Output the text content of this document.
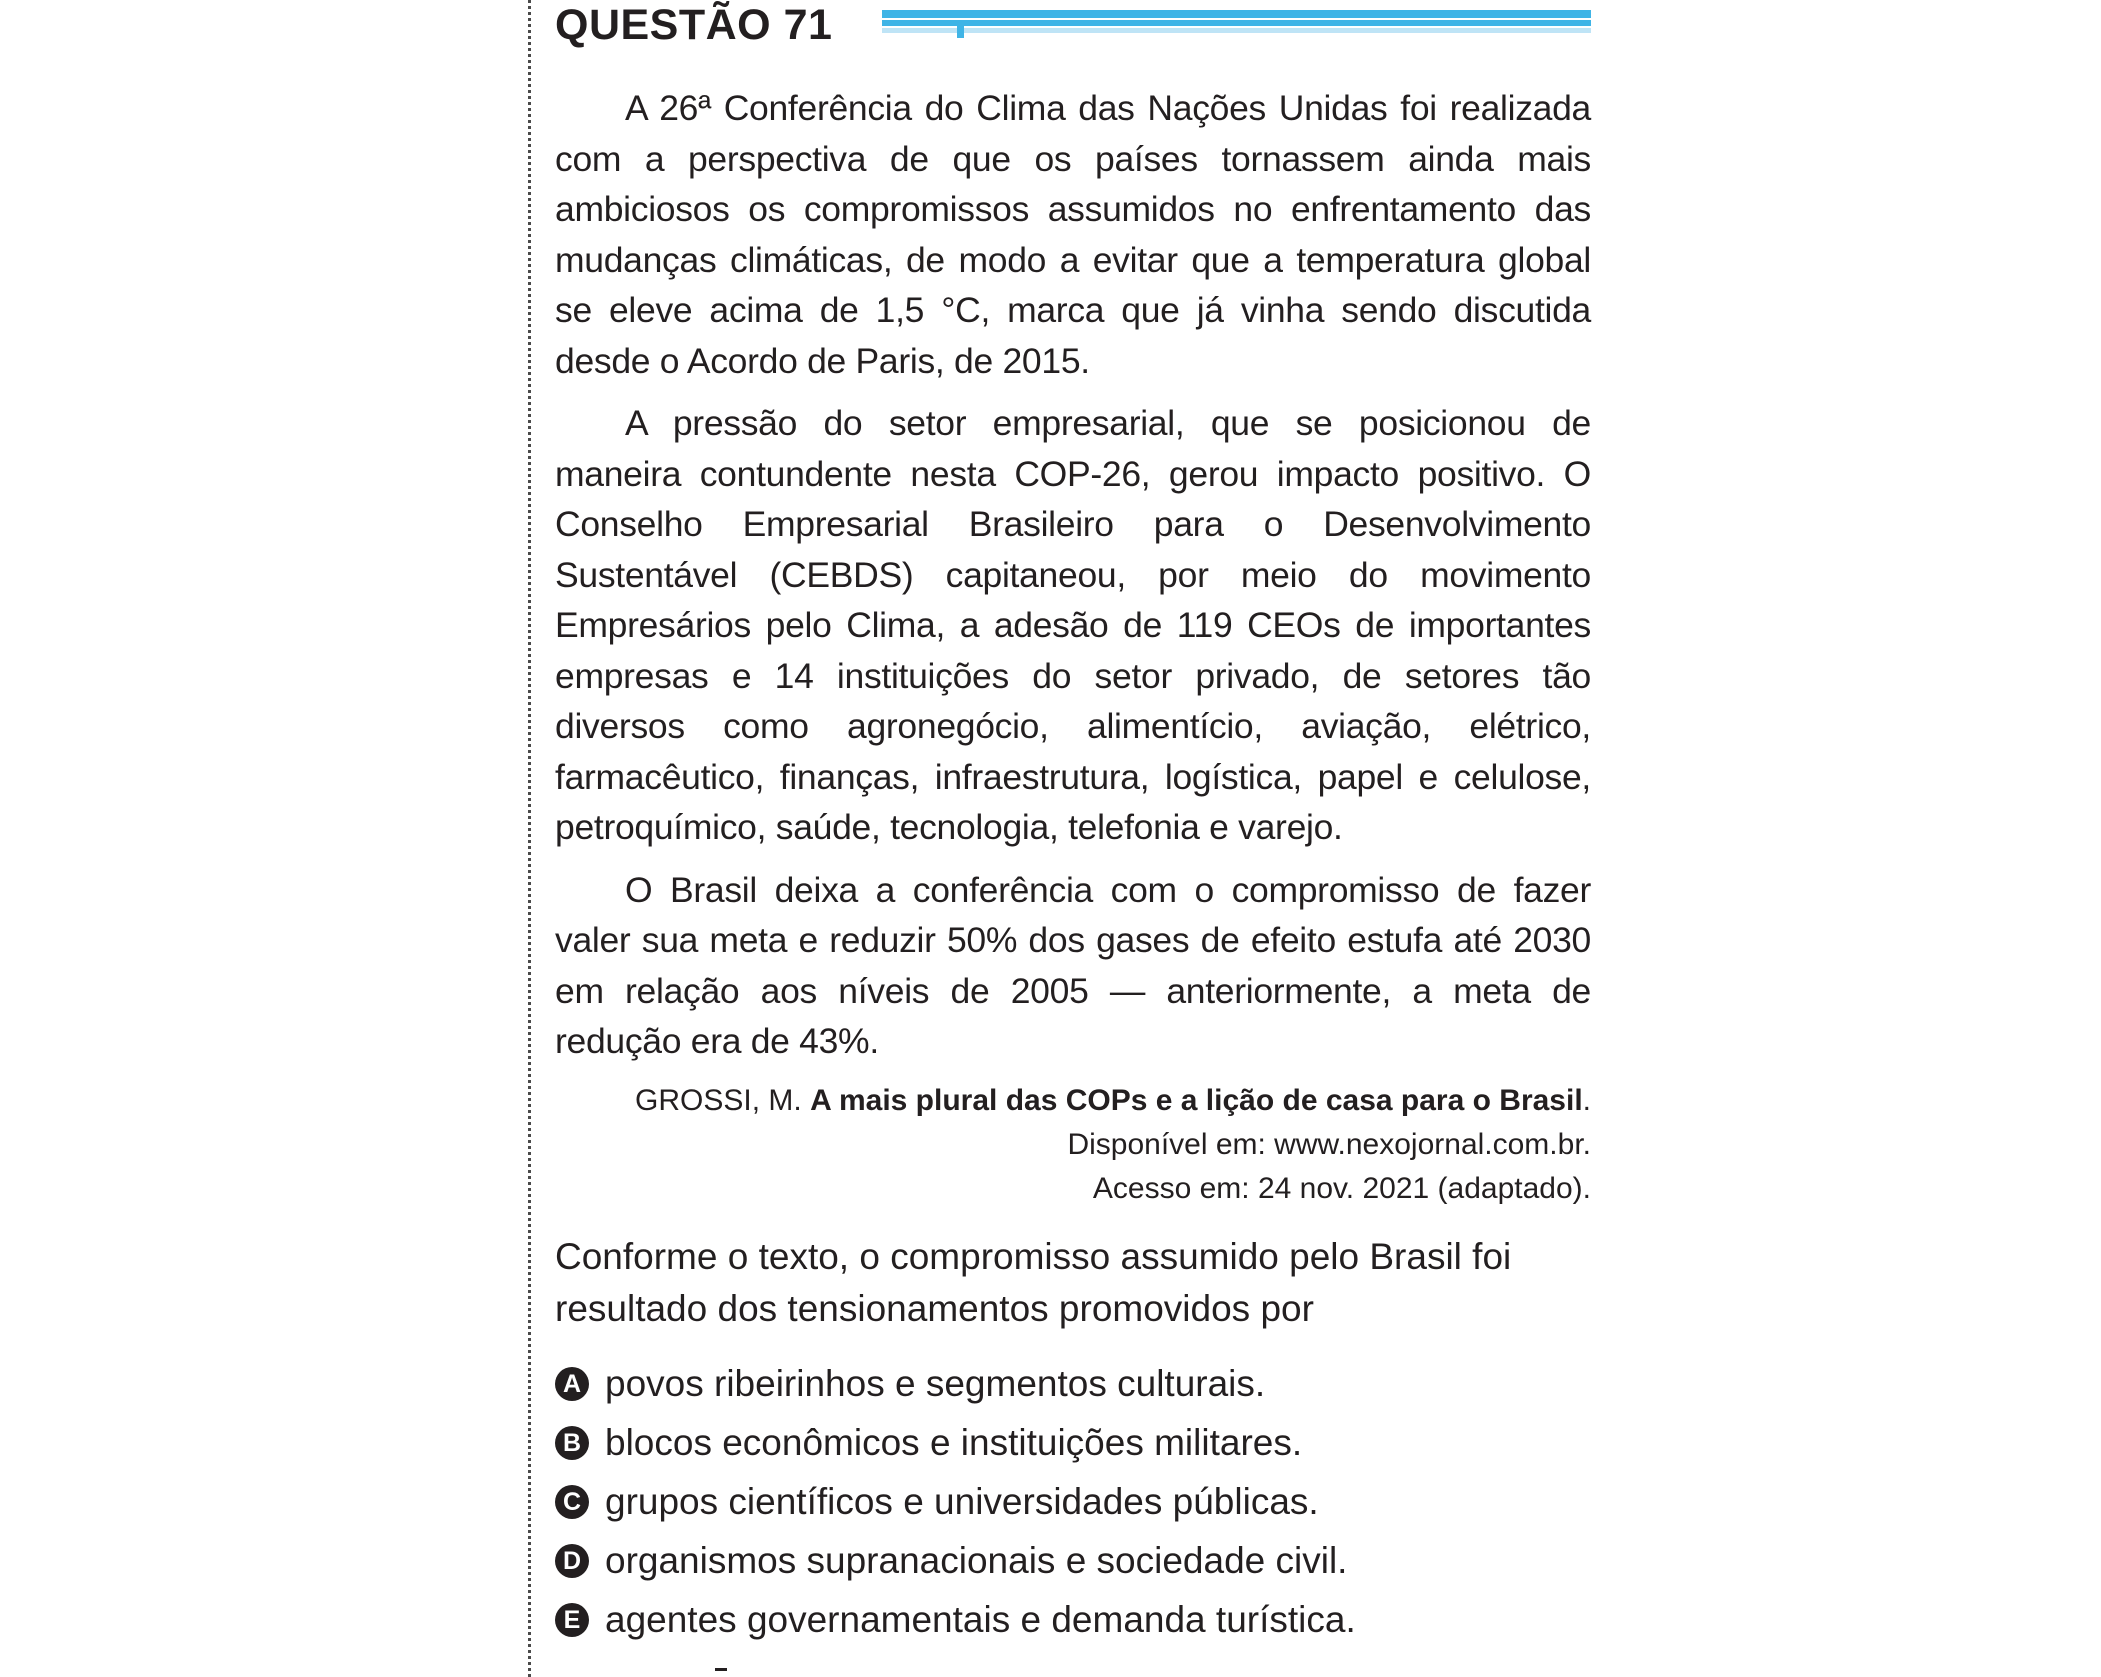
QUESTÃO 71

A 26ª Conferência do Clima das Nações Unidas foi realizada com a perspectiva de que os países tornassem ainda mais ambiciosos os compromissos assumidos no enfrentamento das mudanças climáticas, de modo a evitar que a temperatura global se eleve acima de 1,5 °C, marca que já vinha sendo discutida desde o Acordo de Paris, de 2015.

A pressão do setor empresarial, que se posicionou de maneira contundente nesta COP-26, gerou impacto positivo. O Conselho Empresarial Brasileiro para o Desenvolvimento Sustentável (CEBDS) capitaneou, por meio do movimento Empresários pelo Clima, a adesão de 119 CEOs de importantes empresas e 14 instituições do setor privado, de setores tão diversos como agronegócio, alimentício, aviação, elétrico, farmacêutico, finanças, infraestrutura, logística, papel e celulose, petroquímico, saúde, tecnologia, telefonia e varejo.

O Brasil deixa a conferência com o compromisso de fazer valer sua meta e reduzir 50% dos gases de efeito estufa até 2030 em relação aos níveis de 2005 — anteriormente, a meta de redução era de 43%.

GROSSI, M. A mais plural das COPs e a lição de casa para o Brasil.
Disponível em: www.nexojornal.com.br.
Acesso em: 24 nov. 2021 (adaptado).
Conforme o texto, o compromisso assumido pelo Brasil foi resultado dos tensionamentos promovidos por
A povos ribeirinhos e segmentos culturais.
B blocos econômicos e instituições militares.
C grupos científicos e universidades públicas.
D organismos supranacionais e sociedade civil.
E agentes governamentais e demanda turística.
